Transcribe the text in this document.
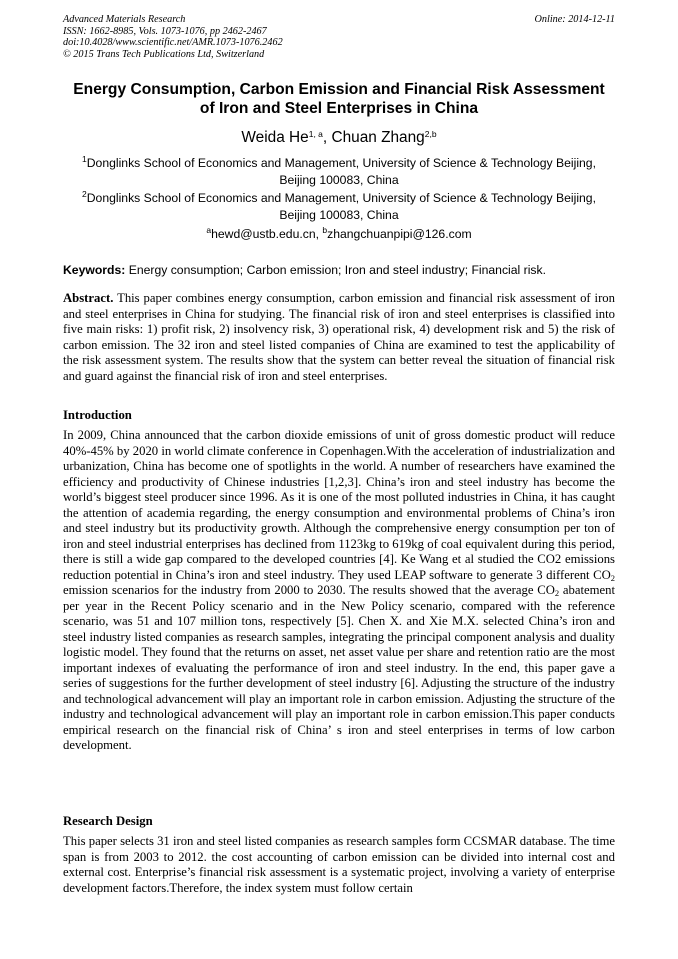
Advanced Materials Research
ISSN: 1662-8985, Vols. 1073-1076, pp 2462-2467
doi:10.4028/www.scientific.net/AMR.1073-1076.2462
© 2015 Trans Tech Publications Ltd, Switzerland
Online: 2014-12-11
Energy Consumption, Carbon Emission and Financial Risk Assessment
of Iron and Steel Enterprises in China
Weida He$^{1, a}$, Chuan Zhang$^{2,b}$
$^1$Donglinks School of Economics and Management, University of Science & Technology Beijing,
Beijing 100083, China
$^2$Donglinks School of Economics and Management, University of Science & Technology Beijing,
Beijing 100083, China
$^a$hewd@ustb.edu.cn, $^b$zhangchuanpipi@126.com
Keywords: Energy consumption; Carbon emission; Iron and steel industry; Financial risk.
Abstract. This paper combines energy consumption, carbon emission and financial risk assessment of iron and steel enterprises in China for studying. The financial risk of iron and steel enterprises is classified into five main risks: 1) profit risk, 2) insolvency risk, 3) operational risk, 4) development risk and 5) the risk of carbon emission. The 32 iron and steel listed companies of China are examined to test the applicability of the risk assessment system. The results show that the system can better reveal the situation of financial risk and guard against the financial risk of iron and steel enterprises.
Introduction
In 2009, China announced that the carbon dioxide emissions of unit of gross domestic product will reduce 40%-45% by 2020 in world climate conference in Copenhagen.With the acceleration of industrialization and urbanization, China has become one of spotlights in the world. A number of researchers have examined the efficiency and productivity of Chinese industries [1,2,3]. China’s iron and steel industry has become the world’s biggest steel producer since 1996. As it is one of the most polluted industries in China, it has caught the attention of academia regarding, the energy consumption and environmental problems of China’s iron and steel industry but its productivity growth. Although the comprehensive energy consumption per ton of iron and steel industrial enterprises has declined from 1123kg to 619kg of coal equivalent during this period, there is still a wide gap compared to the developed countries [4]. Ke Wang et al studied the CO2 emissions reduction potential in China’s iron and steel industry. They used LEAP software to generate 3 different $CO_2$ emission scenarios for the industry from 2000 to 2030. The results showed that the average $CO_2$ abatement per year in the Recent Policy scenario and in the New Policy scenario, compared with the reference scenario, was 51 and 107 million tons, respectively [5]. Chen X. and Xie M.X. selected China’s iron and steel industry listed companies as research samples, integrating the principal component analysis and duality logistic model. They found that the returns on asset, net asset value per share and retention ratio are the most important indexes of evaluating the performance of iron and steel industry. In the end, this paper gave a series of suggestions for the further development of steel industry [6]. Adjusting the structure of the industry and technological advancement will play an important role in carbon emission. Adjusting the structure of the industry and technological advancement will play an important role in carbon emission.This paper conducts empirical research on the financial risk of China’ s iron and steel enterprises in terms of low carbon development.
Research Design
This paper selects 31 iron and steel listed companies as research samples form CCSMAR database. The time span is from 2003 to 2012. the cost accounting of carbon emission can be divided into internal cost and external cost. Enterprise’s financial risk assessment is a systematic project, involving a variety of enterprise development factors.Therefore, the index system must follow certain
